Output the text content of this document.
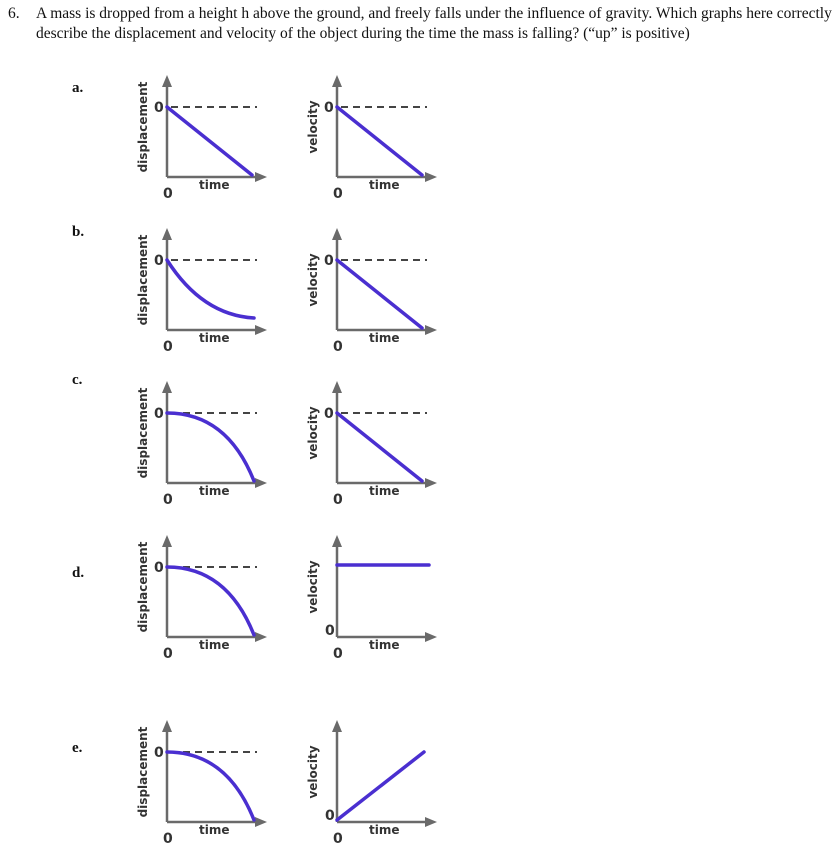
6. A mass is dropped from a height h above the ground, and freely falls under the influence of gravity. Which graphs here correctly describe the displacement and velocity of the object during the time the mass is falling? (“up” is positive)
a.	displacement 0
0
time
velocity 0
0
time
b.
displacement 0
0
time
velocity 0
0
time
c.
displacement 0
0
time
velocity 0
0
time
d.	displacement 0
0
time
velocity
0
0
time
e.	displacement 0
0
time
velocity
0
0
time
